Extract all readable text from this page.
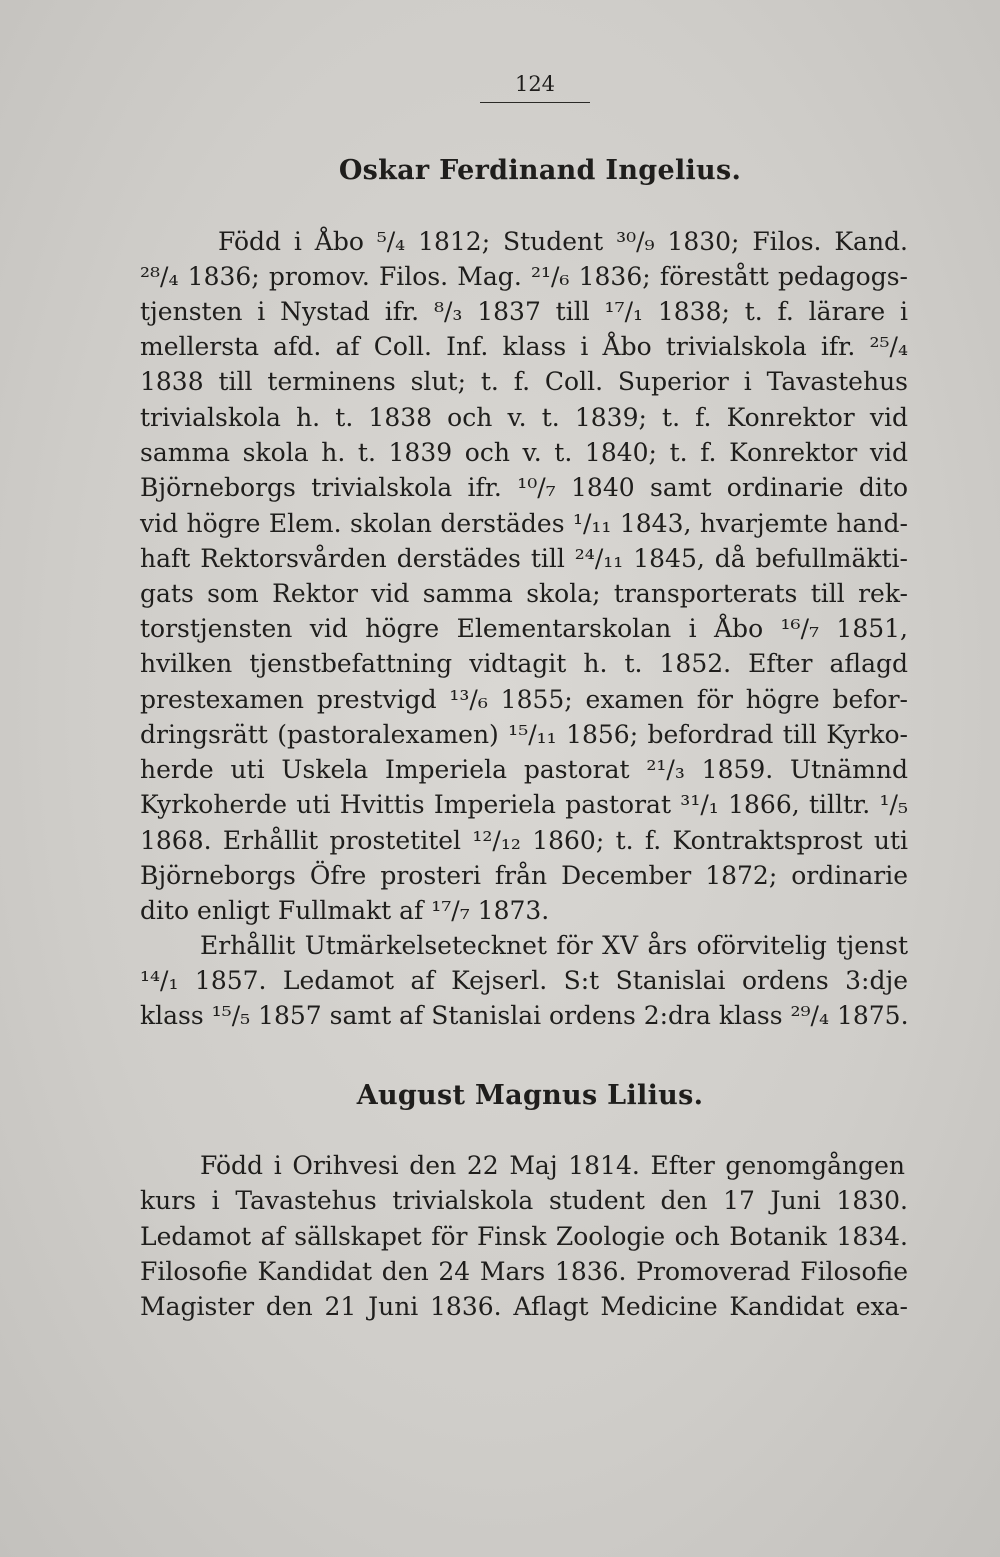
124
Oskar Ferdinand Ingelius.
Född i Åbo ⁵/₄ 1812; Student ³⁰/₉ 1830; Filos. Kand.
²⁸/₄ 1836; promov. Filos. Mag. ²¹/₆ 1836; förestått pedagogs-
tjensten i Nystad ifr. ⁸/₃ 1837 till ¹⁷/₁ 1838; t. f. lärare i
mellersta afd. af Coll. Inf. klass i Åbo trivialskola ifr. ²⁵/₄
1838 till terminens slut; t. f. Coll. Superior i Tavastehus
trivialskola h. t. 1838 och v. t. 1839; t. f. Konrektor vid
samma skola h. t. 1839 och v. t. 1840; t. f. Konrektor vid
Björneborgs trivialskola ifr. ¹⁰/₇ 1840 samt ordinarie dito
vid högre Elem. skolan derstädes ¹/₁₁ 1843, hvarjemte hand-
haft Rektorsvården derstädes till ²⁴/₁₁ 1845, då befullmäkti-
gats som Rektor vid samma skola; transporterats till rek-
torstjensten vid högre Elementarskolan i Åbo ¹⁶/₇ 1851,
hvilken tjenstbefattning vidtagit h. t. 1852. Efter aflagd
prestexamen prestvigd ¹³/₆ 1855; examen för högre befor-
dringsrätt (pastoralexamen) ¹⁵/₁₁ 1856; befordrad till Kyrko-
herde uti Uskela Imperiela pastorat ²¹/₃ 1859. Utnämnd
Kyrkoherde uti Hvittis Imperiela pastorat ³¹/₁ 1866, tilltr. ¹/₅
1868. Erhållit prostetitel ¹²/₁₂ 1860; t. f. Kontraktsprost uti
Björneborgs Öfre prosteri från December 1872; ordinarie
dito enligt Fullmakt af ¹⁷/₇ 1873.
Erhållit Utmärkelsetecknet för XV års oförvitelig tjenst
¹⁴/₁ 1857. Ledamot af Kejserl. S:t Stanislai ordens 3:dje
klass ¹⁵/₅ 1857 samt af Stanislai ordens 2:dra klass ²⁹/₄ 1875.
August Magnus Lilius.
Född i Orihvesi den 22 Maj 1814. Efter genomgången
kurs i Tavastehus trivialskola student den 17 Juni 1830.
Ledamot af sällskapet för Finsk Zoologie och Botanik 1834.
Filosofie Kandidat den 24 Mars 1836. Promoverad Filosofie
Magister den 21 Juni 1836. Aflagt Medicine Kandidat exa-
